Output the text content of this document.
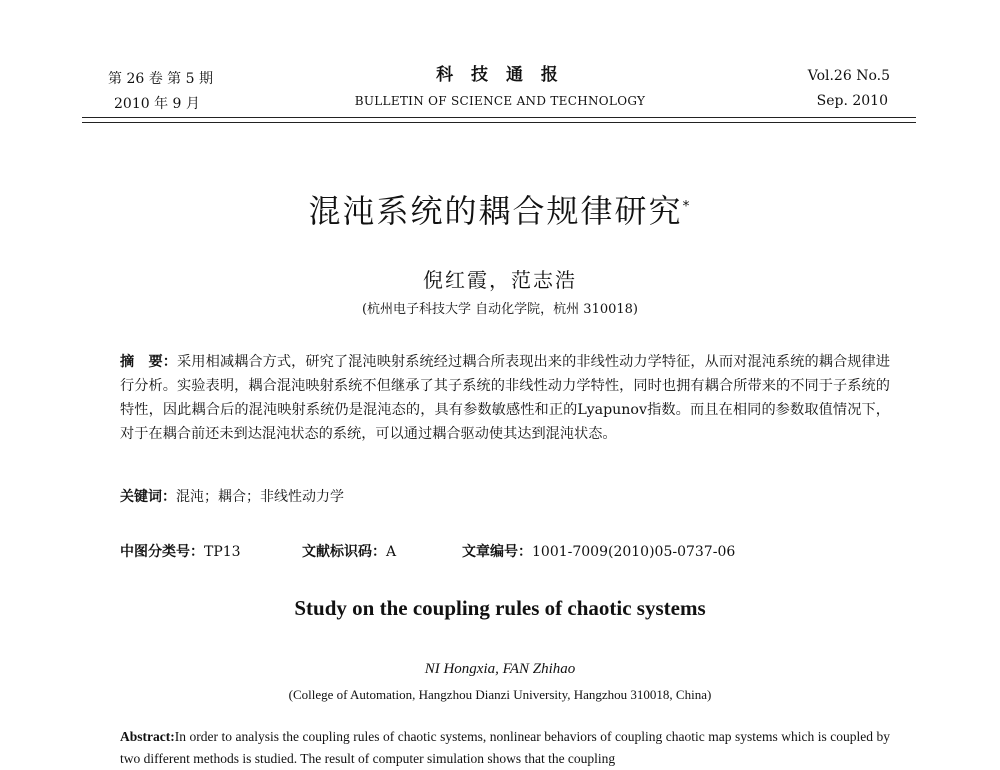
第 26 卷 第 5 期
2010 年 9 月
科 技 通 报
BULLETIN OF SCIENCE AND TECHNOLOGY
Vol.26 No.5
Sep. 2010
混沌系统的耦合规律研究*
倪红霞，范志浩
(杭州电子科技大学 自动化学院，杭州 310018)
摘　要：采用相减耦合方式，研究了混沌映射系统经过耦合所表现出来的非线性动力学特征，从而对混沌系统的耦合规律进行分析。实验表明，耦合混沌映射系统不但继承了其子系统的非线性动力学特性，同时也拥有耦合所带来的不同于子系统的特性，因此耦合后的混沌映射系统仍是混沌态的，具有参数敏感性和正的Lyapunov指数。而且在相同的参数取值情况下，对于在耦合前还未到达混沌状态的系统，可以通过耦合驱动使其达到混沌状态。
关键词：混沌；耦合；非线性动力学
中图分类号：TP13	文献标识码：A	文章编号：1001-7009(2010)05-0737-06
Study on the coupling rules of chaotic systems
NI Hongxia, FAN Zhihao
(College of Automation, Hangzhou Dianzi University, Hangzhou 310018, China)
Abstract:In order to analysis the coupling rules of chaotic systems, nonlinear behaviors of coupling chaotic map systems which is coupled by two different methods is studied. The result of computer simulation shows that the coupling
